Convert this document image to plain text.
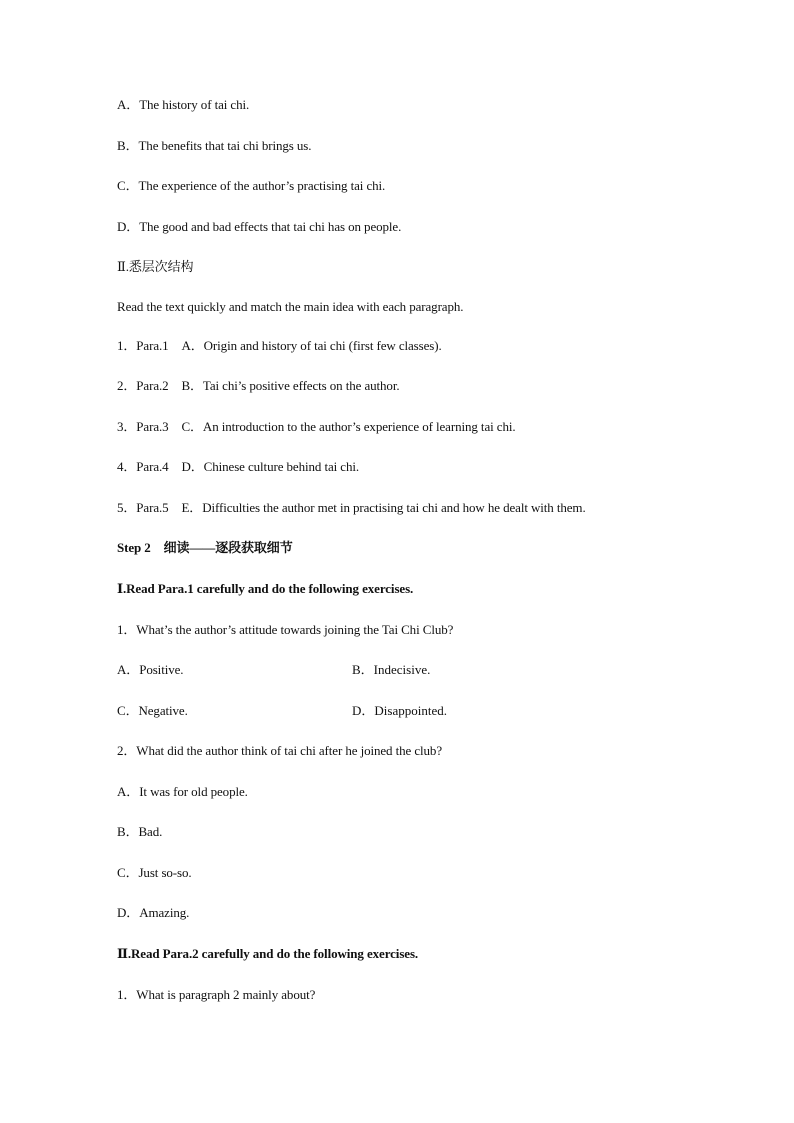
A．The history of tai chi.
B．The benefits that tai chi brings us.
C．The experience of the author’s practising tai chi.
D．The good and bad effects that tai chi has on people.
Ⅱ.悉层次结构
Read the text quickly and match the main idea with each paragraph.
1．Para.1　A．Origin and history of tai chi (first few classes).
2．Para.2　B．Tai chi’s positive effects on the author.
3．Para.3　C．An introduction to the author’s experience of learning tai chi.
4．Para.4　D．Chinese culture behind tai chi.
5．Para.5　E．Difficulties the author met in practising tai chi and how he dealt with them.
Step 2　细读——逐段获取细节
Ⅰ.Read Para.1 carefully and do the following exercises.
1．What’s the author’s attitude towards joining the Tai Chi Club?
A．Positive.	B．Indecisive.
C．Negative.	D．Disappointed.
2．What did the author think of tai chi after he joined the club?
A．It was for old people.
B．Bad.
C．Just so-so.
D．Amazing.
Ⅱ.Read Para.2 carefully and do the following exercises.
1．What is paragraph 2 mainly about?
